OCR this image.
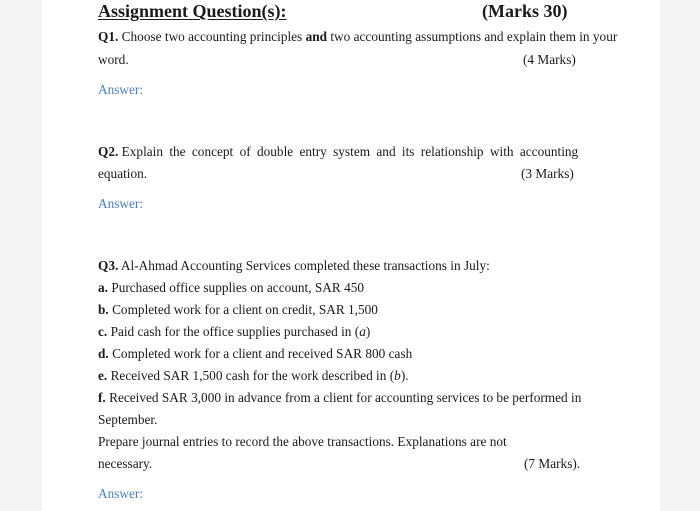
Assignment Question(s):	(Marks 30)
Q1. Choose two accounting principles and two accounting assumptions and explain them in your
word.	(4 Marks)
Answer:
Q2. Explain the concept of double entry system and its relationship with accounting
equation.	(3 Marks)
Answer:
Q3. Al-Ahmad Accounting Services completed these transactions in July:
a. Purchased office supplies on account, SAR 450
b. Completed work for a client on credit, SAR 1,500
c. Paid cash for the office supplies purchased in (a)
d. Completed work for a client and received SAR 800 cash
e. Received SAR 1,500 cash for the work described in (b).
f. Received SAR 3,000 in advance from a client for accounting services to be performed in
September.
Prepare journal entries to record the above transactions. Explanations are not
necessary.	(7 Marks).
Answer:
